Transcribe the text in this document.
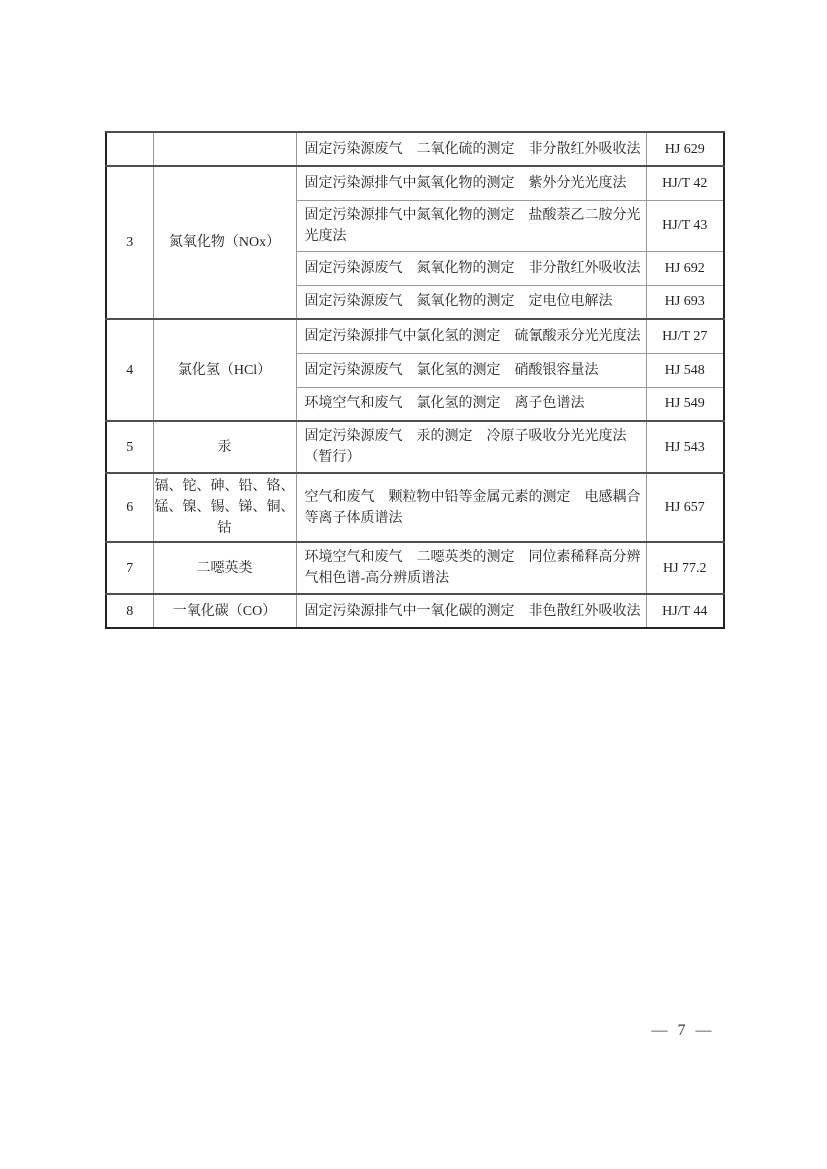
		固定污染源废气　二氧化硫的测定　非分散红外吸收法	HJ 629
3	氮氧化物（NOx）	固定污染源排气中氮氧化物的测定　紫外分光光度法	HJ/T 42
		固定污染源排气中氮氧化物的测定　盐酸萘乙二胺分光光度法	HJ/T 43
		固定污染源废气　氮氧化物的测定　非分散红外吸收法	HJ 692
		固定污染源废气　氮氧化物的测定　定电位电解法	HJ 693
4	氯化氢（HCl）	固定污染源排气中氯化氢的测定　硫氰酸汞分光光度法	HJ/T 27
		固定污染源废气　氯化氢的测定　硝酸银容量法	HJ 548
		环境空气和废气　氯化氢的测定　离子色谱法	HJ 549
5	汞	固定污染源废气　汞的测定　冷原子吸收分光光度法（暂行）	HJ 543
6	镉、铊、砷、铅、铬、锰、镍、锡、锑、铜、钴	空气和废气　颗粒物中铅等金属元素的测定　电感耦合等离子体质谱法	HJ 657
7	二噁英类	环境空气和废气　二噁英类的测定　同位素稀释高分辨气相色谱-高分辨质谱法	HJ 77.2
8	一氧化碳（CO）	固定污染源排气中一氧化碳的测定　非色散红外吸收法	HJ/T 44
— 7 —
